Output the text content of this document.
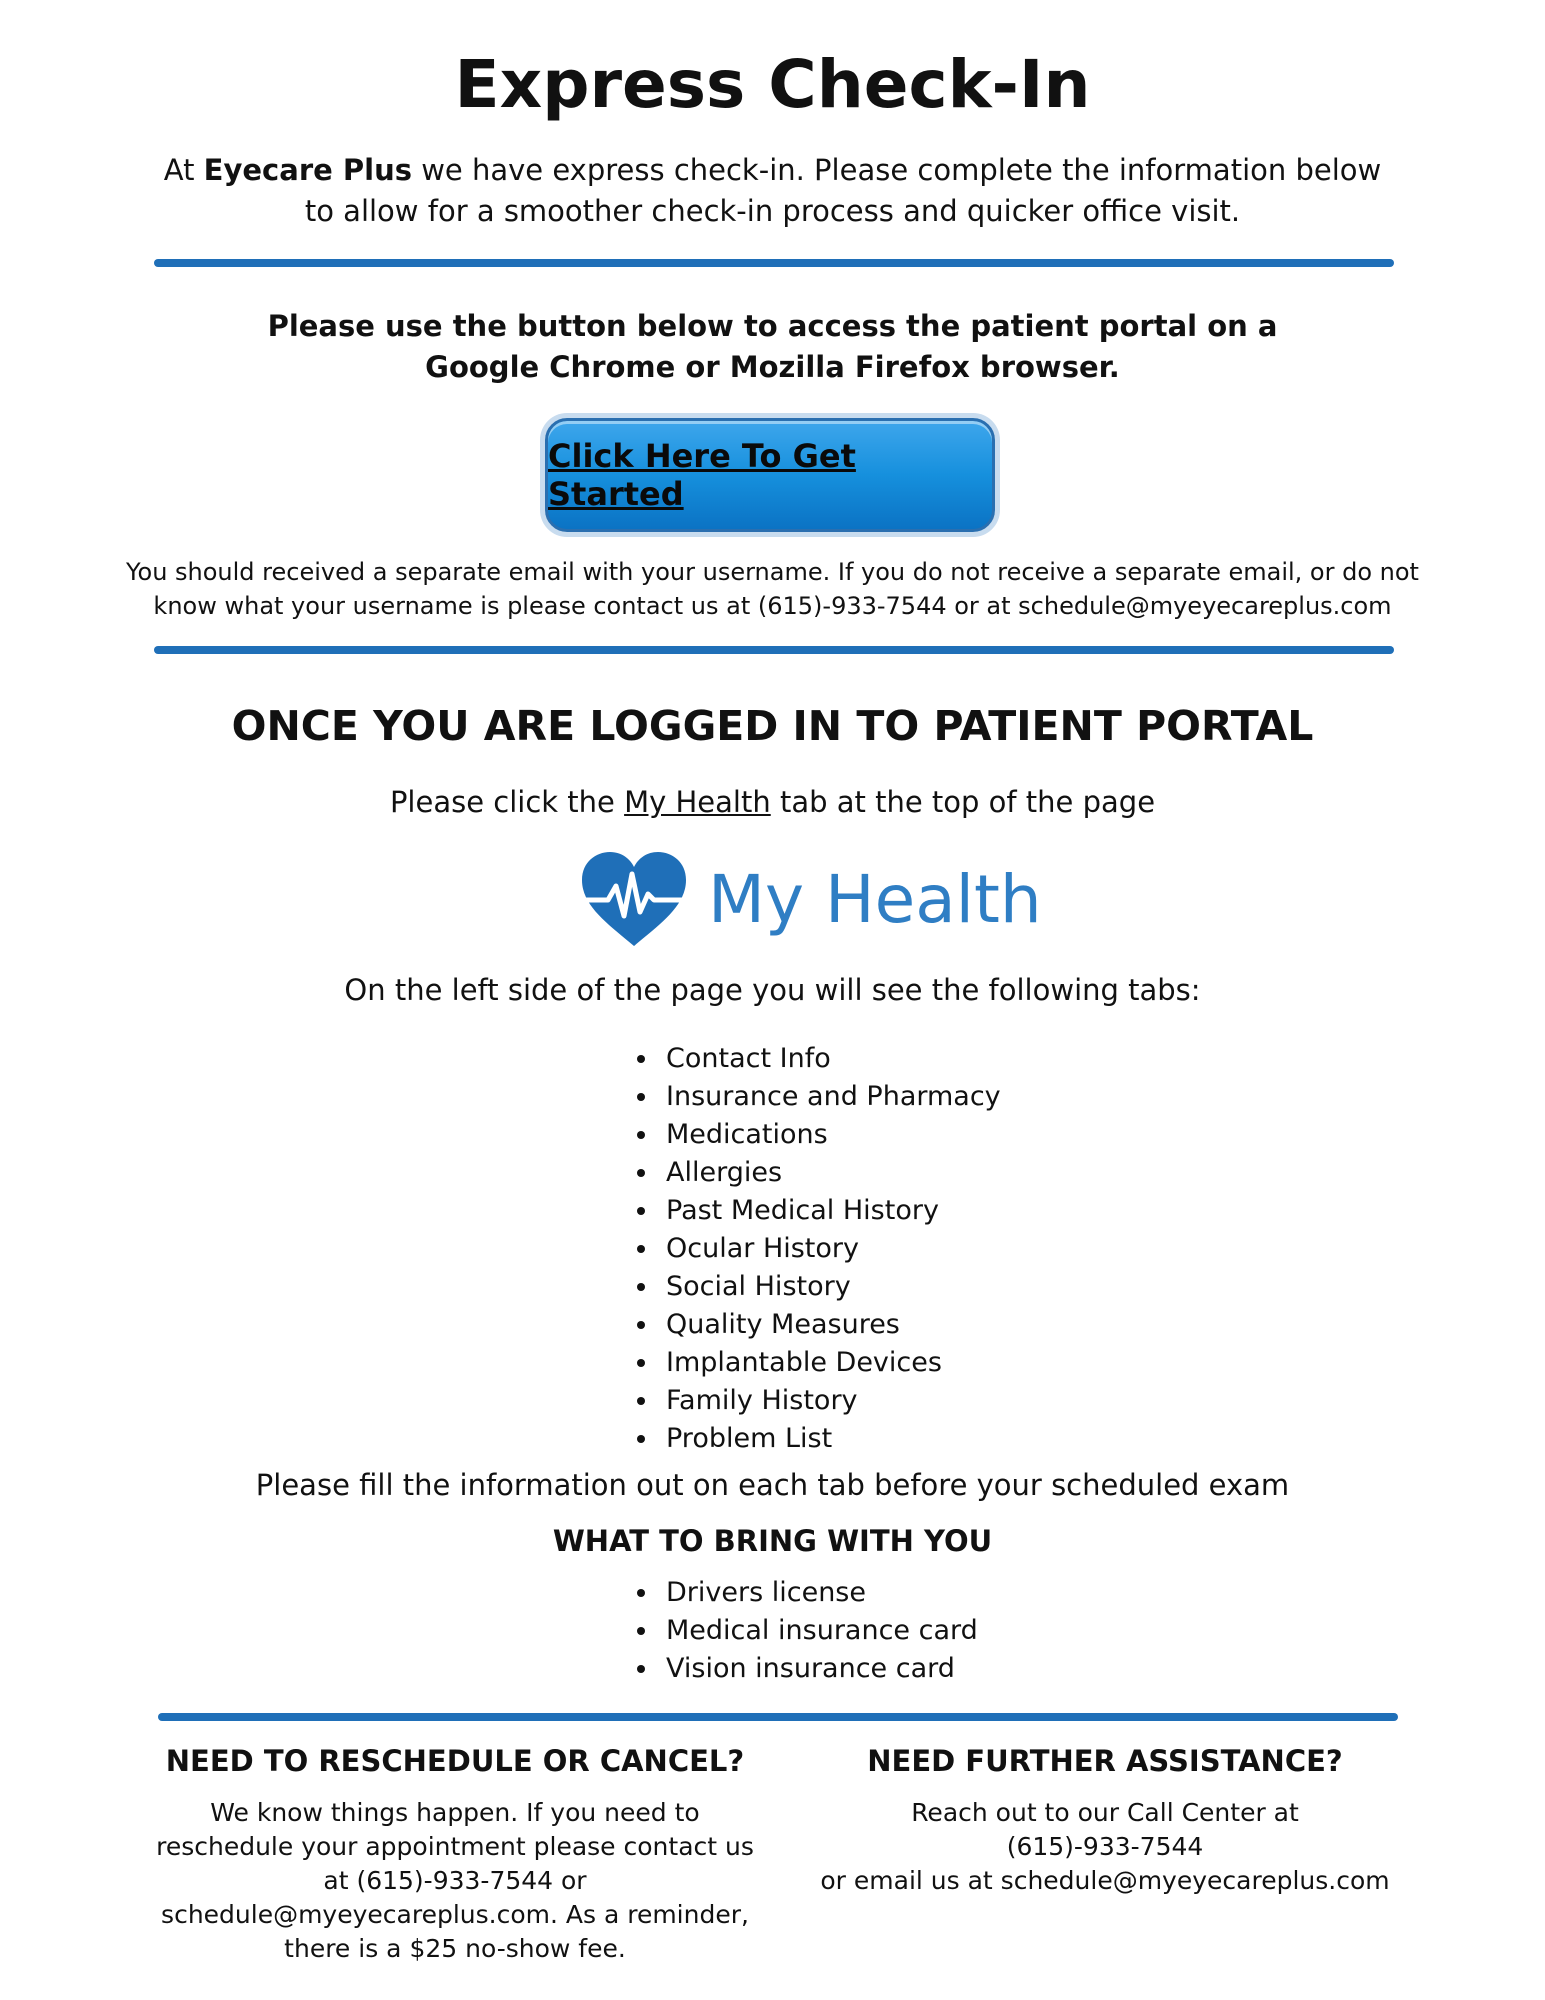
Express Check-In

At Eyecare Plus we have express check-in. Please complete the information below to allow for a smoother check-in process and quicker office visit.

Please use the button below to access the patient portal on a Google Chrome or Mozilla Firefox browser.

Click Here To Get Started

You should received a separate email with your username. If you do not receive a separate email, or do not know what your username is please contact us at (615)-933-7544 or at schedule@myeyecareplus.com

ONCE YOU ARE LOGGED IN TO PATIENT PORTAL

Please click the My Health tab at the top of the page

My Health

On the left side of the page you will see the following tabs:

• Contact Info
• Insurance and Pharmacy
• Medications
• Allergies
• Past Medical History
• Ocular History
• Social History
• Quality Measures
• Implantable Devices
• Family History
• Problem List

Please fill the information out on each tab before your scheduled exam

WHAT TO BRING WITH YOU
• Drivers license
• Medical insurance card
• Vision insurance card
NEED TO RESCHEDULE OR CANCEL?

We know things happen. If you need to reschedule your appointment please contact us at (615)-933-7544 or schedule@myeyecareplus.com. As a reminder, there is a $25 no-show fee.

NEED FURTHER ASSISTANCE?
Reach out to our Call Center at
(615)-933-7544
or email us at schedule@myeyecareplus.com
